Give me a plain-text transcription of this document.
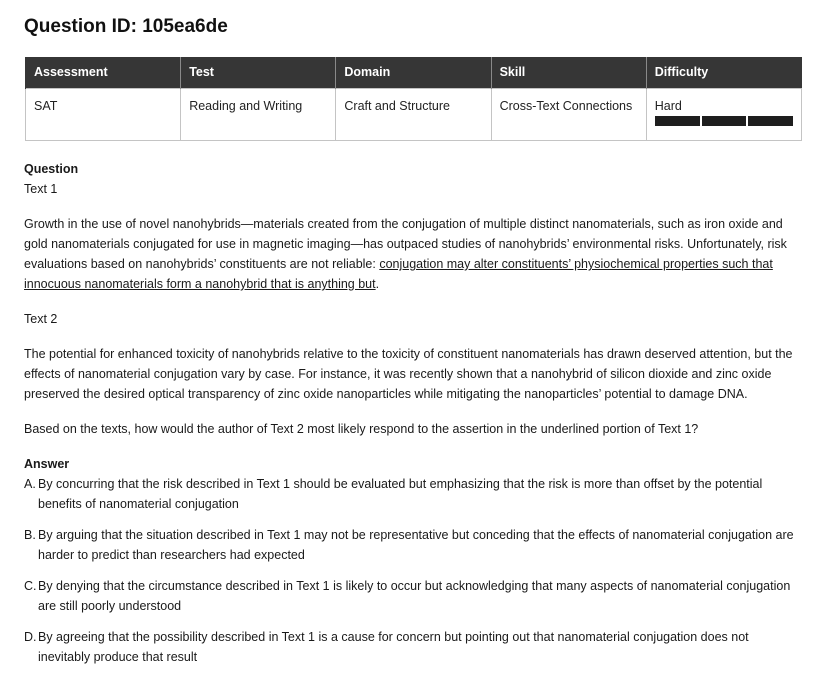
Question ID: 105ea6de
Assessment	Test	Domain	Skill	Difficulty
SAT	Reading and Writing	Craft and Structure	Cross-Text Connections	Hard
Question
Text 1

Growth in the use of novel nanohybrids—materials created from the conjugation of multiple distinct nanomaterials, such as iron oxide and gold nanomaterials conjugated for use in magnetic imaging—has outpaced studies of nanohybrids’ environmental risks. Unfortunately, risk evaluations based on nanohybrids’ constituents are not reliable: conjugation may alter constituents’ physiochemical properties such that innocuous nanomaterials form a nanohybrid that is anything but.

Text 2

The potential for enhanced toxicity of nanohybrids relative to the toxicity of constituent nanomaterials has drawn deserved attention, but the effects of nanomaterial conjugation vary by case. For instance, it was recently shown that a nanohybrid of silicon dioxide and zinc oxide preserved the desired optical transparency of zinc oxide nanoparticles while mitigating the nanoparticles’ potential to damage DNA.

Based on the texts, how would the author of Text 2 most likely respond to the assertion in the underlined portion of Text 1?

Answer
A. By concurring that the risk described in Text 1 should be evaluated but emphasizing that the risk is more than offset by the potential benefits of nanomaterial conjugation
B. By arguing that the situation described in Text 1 may not be representative but conceding that the effects of nanomaterial conjugation are harder to predict than researchers had expected
C. By denying that the circumstance described in Text 1 is likely to occur but acknowledging that many aspects of nanomaterial conjugation are still poorly understood
D. By agreeing that the possibility described in Text 1 is a cause for concern but pointing out that nanomaterial conjugation does not inevitably produce that result
